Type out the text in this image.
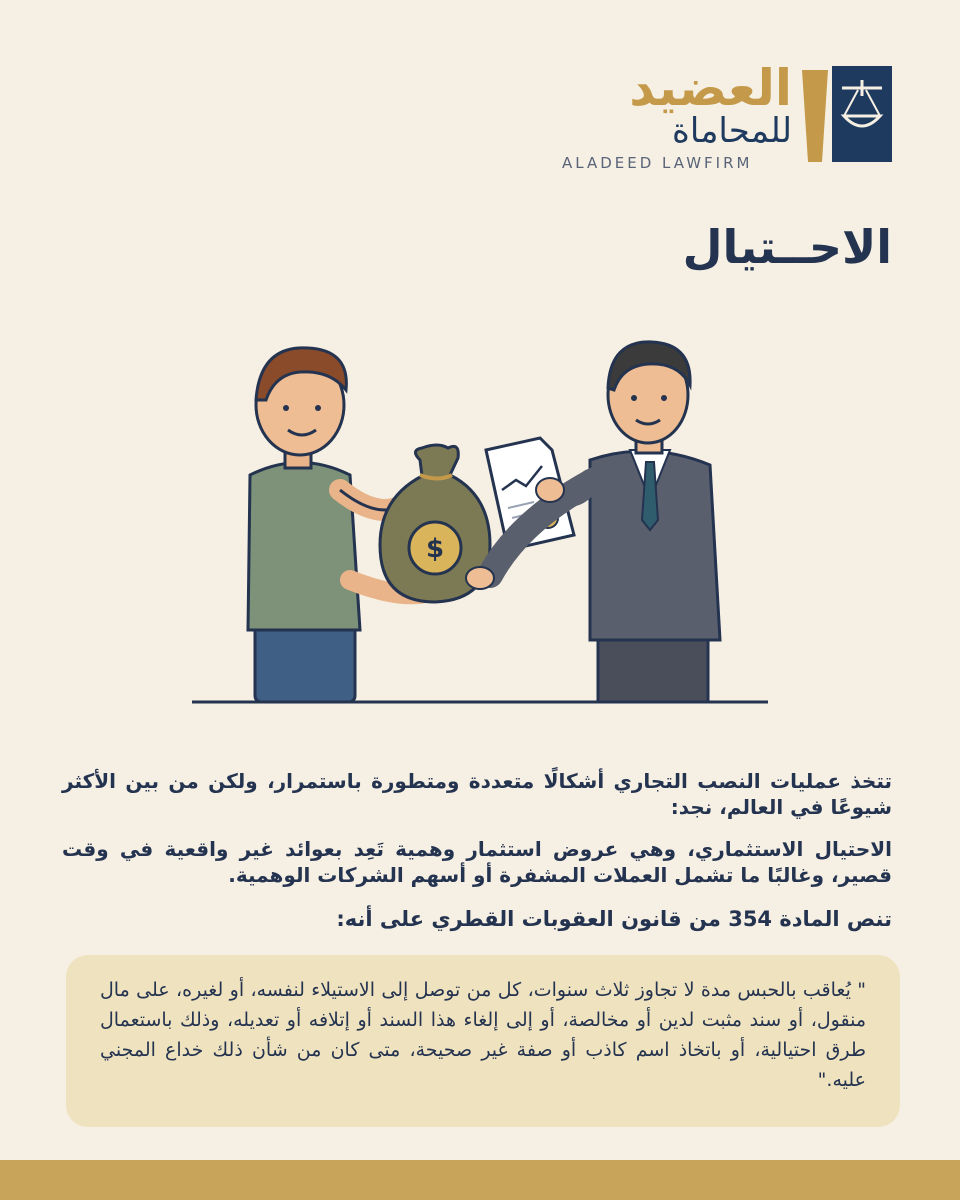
العضيد
للمحاماة
ALADEED LAWFIRM
الاحــتيال
$
$
تتخذ عمليات النصب التجاري أشكالًا متعددة ومتطورة باستمرار، ولكن من بين الأكثر شيوعًا في العالم، نجد:
الاحتيال الاستثماري، وهي عروض استثمار وهمية تَعِد بعوائد غير واقعية في وقت قصير، وغالبًا ما تشمل العملات المشفرة أو أسهم الشركات الوهمية.
تنص المادة 354 من قانون العقوبات القطري على أنه:
" يُعاقب بالحبس مدة لا تجاوز ثلاث سنوات، كل من توصل إلى الاستيلاء لنفسه، أو لغيره، على مال منقول، أو سند مثبت لدين أو مخالصة، أو إلى إلغاء هذا السند أو إتلافه أو تعديله، وذلك باستعمال طرق احتيالية، أو باتخاذ اسم كاذب أو صفة غير صحيحة، متى كان من شأن ذلك خداع المجني عليه."
